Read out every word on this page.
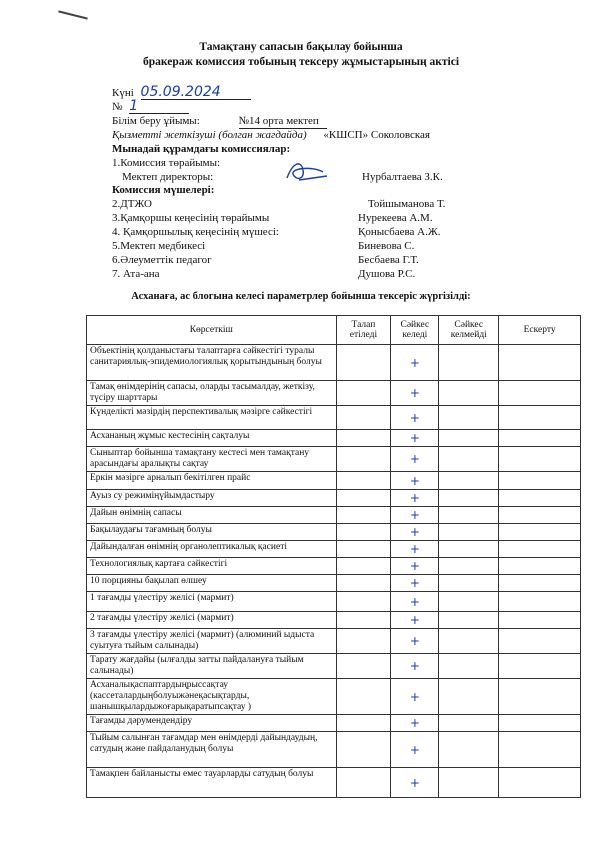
Тамақтану сапасын бақылау бойынша
бракераж комиссия тобының тексеру жұмыстарының актісі
Күні 05.09.2024
№ 1
Білім беру ұйымы:	№14 орта мектеп
Қызметті жеткізуші (болган жагдайда) «КШСП» Соколовская
Мынадай құрамдағы комиссиялар:
1.Комиссия төрайымы:
Мектеп директоры:	Нурбалтаева З.К.
Комиссия мүшелері:
2.ДТЖО	Тойшыманова Т.
3.Қамқоршы кеңесінің төрайымы	Нурекеева А.М.
4. Қамқоршылық кеңесінің мүшесі:	Қонысбаева А.Ж.
5.Мектеп медбикесі	Биневова С.
6.Әлеуметтік педагог	Бесбаева Г.Т.
7. Ата-ана	Душова Р.С.
Асханаға, ас блогына келесі параметрлер бойынша тексеріс жүргізілді:
Көрсеткіш	Талап етіледі	Сәйкес келеді	Сәйкес келмейді	Ескерту
Объектінің қолданыстағы талаптарға сәйкестігі туралы санитариялық-эпидемиологиялық қорытындының болуы		+		
Тамақ өнімдерінің сапасы, оларды тасымалдау, жеткізу, түсіру шарттары		+		
Күнделікті мәзірдің перспективалық мәзірге сәйкестігі		+		
Асхананың жұмыс кестесінің сақталуы		+		
Сыныптар бойынша тамақтану кестесі мен тамақтану арасындағы аралықты сақтау		+		
Еркін мәзірге арналып бекітілген прайс		+		
Ауыз су режиміңүйымдастыру		+		
Дайын өнімнің сапасы		+		
Бақылаудағы тағамның болуы		+		
Дайындалған өнімнің органолептикалық қасиеті		+		
Технологиялық картаға сәйкестігі		+		
10 порцияны бақылап өлшеу		+		
1 тағамды үлестіру желісі (мармит)		+		
2 тағамды үлестіру желісі (мармит)		+		
3 тағамды үлестіру желісі (мармит) (алюминий ыдыста суытуға тыйым салынады)		+		
Тарату жағдайы (ылғалды затты пайдалануға тыйым салынады)		+		
Асханалықаспаптардыңрыссақтау (кассеталардыңболуыжәнеқасықтарды, шанышқылардыжоғарықаратыпсақтау )		+		
Тағамды дәрумендендіру		+		
Тыйым салынған тағамдар мен өнімдерді дайындаудың, сатудың және пайдаланудың болуы		+		
Тамақпен байланысты емес тауарларды сатудың болуы		+		
